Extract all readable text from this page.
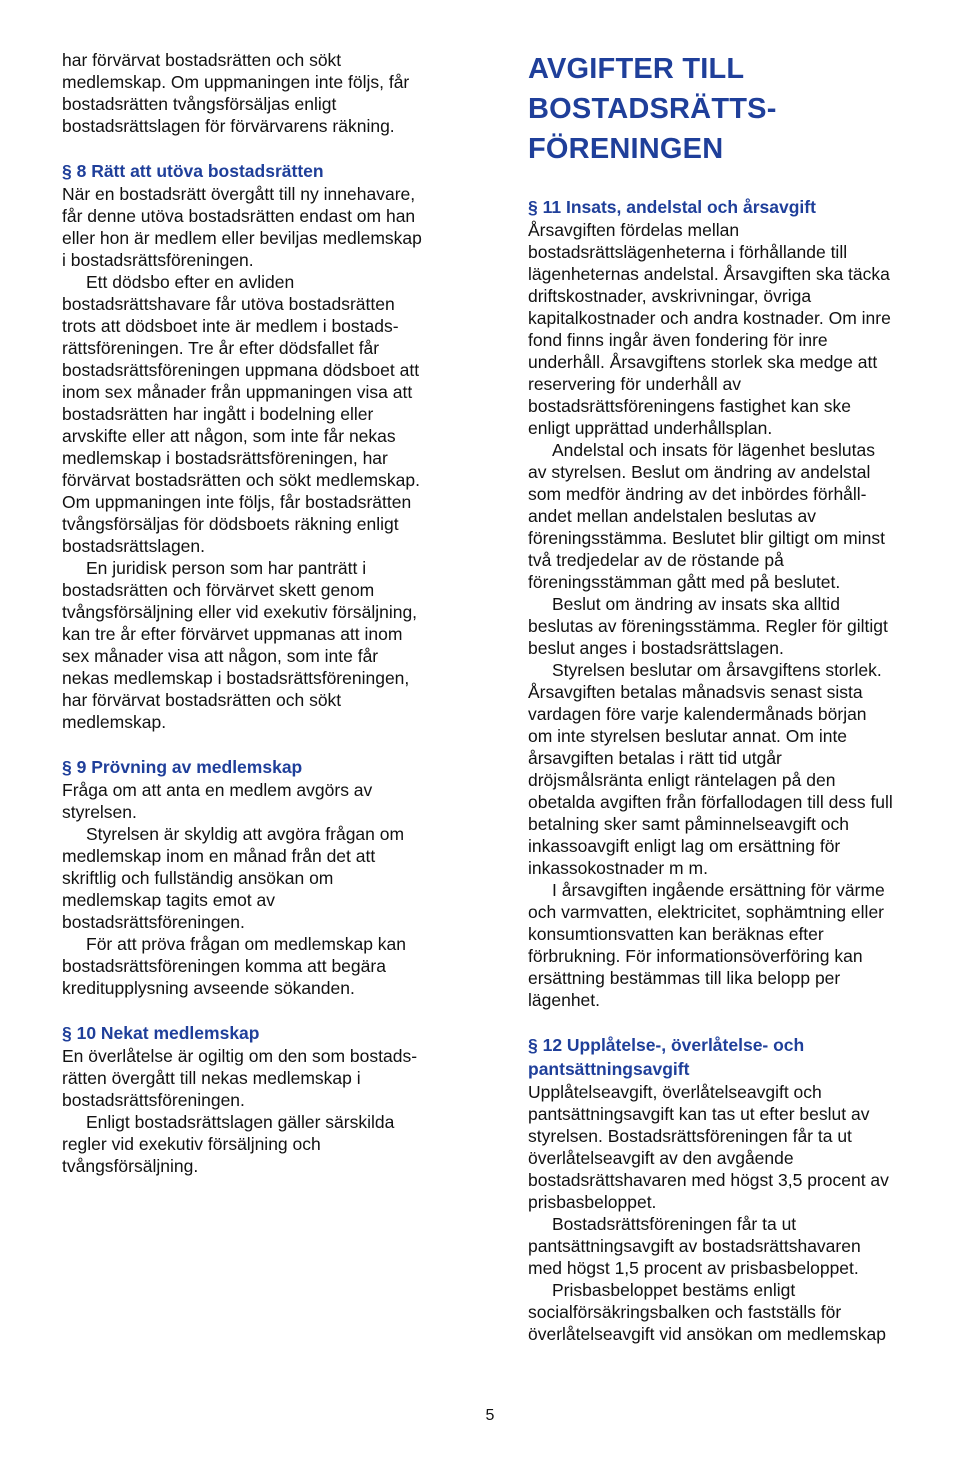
har förvärvat bostadsrätten och sökt
medlemskap. Om uppmaningen inte följs, får
bostadsrätten tvångsförsäljas enligt
bostadsrättslagen för förvärvarens räkning.

§ 8 Rätt att utöva bostadsrätten

När en bostadsrätt övergått till ny innehavare,
får denne utöva bostadsrätten endast om han
eller hon är medlem eller beviljas medlemskap
i bostadsrättsföreningen.

Ett dödsbo efter en avliden
bostadsrättshavare får utöva bostadsrätten
trots att dödsboet inte är medlem i bostads-
rättsföreningen. Tre år efter dödsfallet får
bostadsrättsföreningen uppmana dödsboet att
inom sex månader från uppmaningen visa att
bostadsrätten har ingått i bodelning eller
arvskifte eller att någon, som inte får nekas
medlemskap i bostadsrättsföreningen, har
förvärvat bostadsrätten och sökt medlemskap.
Om uppmaningen inte följs, får bostadsrätten
tvångsförsäljas för dödsboets räkning enligt
bostadsrättslagen.

En juridisk person som har panträtt i
bostadsrätten och förvärvet skett genom
tvångsförsäljning eller vid exekutiv försäljning,
kan tre år efter förvärvet uppmanas att inom
sex månader visa att någon, som inte får
nekas medlemskap i bostadsrättsföreningen,
har förvärvat bostadsrätten och sökt
medlemskap.

§ 9 Prövning av medlemskap

Fråga om att anta en medlem avgörs av
styrelsen.

Styrelsen är skyldig att avgöra frågan om
medlemskap inom en månad från det att
skriftlig och fullständig ansökan om
medlemskap tagits emot av
bostadsrättsföreningen.

För att pröva frågan om medlemskap kan
bostadsrättsföreningen komma att begära
kreditupplysning avseende sökanden.

§ 10 Nekat medlemskap

En överlåtelse är ogiltig om den som bostads-
rätten övergått till nekas medlemskap i
bostadsrättsföreningen.

Enligt bostadsrättslagen gäller särskilda
regler vid exekutiv försäljning och
tvångsförsäljning.

AVGIFTER TILL
BOSTADSRÄTTS-
FÖRENINGEN
§ 11 Insats, andelstal och årsavgift

Årsavgiften fördelas mellan
bostadsrättslägenheterna i förhållande till
lägenheternas andelstal. Årsavgiften ska täcka
driftskostnader, avskrivningar, övriga
kapitalkostnader och andra kostnader. Om inre
fond finns ingår även fondering för inre
underhåll. Årsavgiftens storlek ska medge att
reservering för underhåll av
bostadsrättsföreningens fastighet kan ske
enligt upprättad underhållsplan.

Andelstal och insats för lägenhet beslutas
av styrelsen. Beslut om ändring av andelstal
som medför ändring av det inbördes förhåll-
andet mellan andelstalen beslutas av
föreningsstämma. Beslutet blir giltigt om minst
två tredjedelar av de röstande på
föreningsstämman gått med på beslutet.

Beslut om ändring av insats ska alltid
beslutas av föreningsstämma. Regler för giltigt
beslut anges i bostadsrättslagen.

Styrelsen beslutar om årsavgiftens storlek.
Årsavgiften betalas månadsvis senast sista
vardagen före varje kalendermånads början
om inte styrelsen beslutar annat. Om inte
årsavgiften betalas i rätt tid utgår
dröjsmålsränta enligt räntelagen på den
obetalda avgiften från förfallodagen till dess full
betalning sker samt påminnelseavgift och
inkassoavgift enligt lag om ersättning för
inkassokostnader m m.

I årsavgiften ingående ersättning för värme
och varmvatten, elektricitet, sophämtning eller
konsumtionsvatten kan beräknas efter
förbrukning. För informationsöverföring kan
ersättning bestämmas till lika belopp per
lägenhet.

§ 12 Upplåtelse-, överlåtelse- och
pantsättningsavgift

Upplåtelseavgift, överlåtelseavgift och
pantsättningsavgift kan tas ut efter beslut av
styrelsen. Bostadsrättsföreningen får ta ut
överlåtelseavgift av den avgående
bostadsrättshavaren med högst 3,5 procent av
prisbasbeloppet.

Bostadsrättsföreningen får ta ut
pantsättningsavgift av bostadsrättshavaren
med högst 1,5 procent av prisbasbeloppet.

Prisbasbeloppet bestäms enligt
socialförsäkringsbalken och fastställs för
överlåtelseavgift vid ansökan om medlemskap

5
